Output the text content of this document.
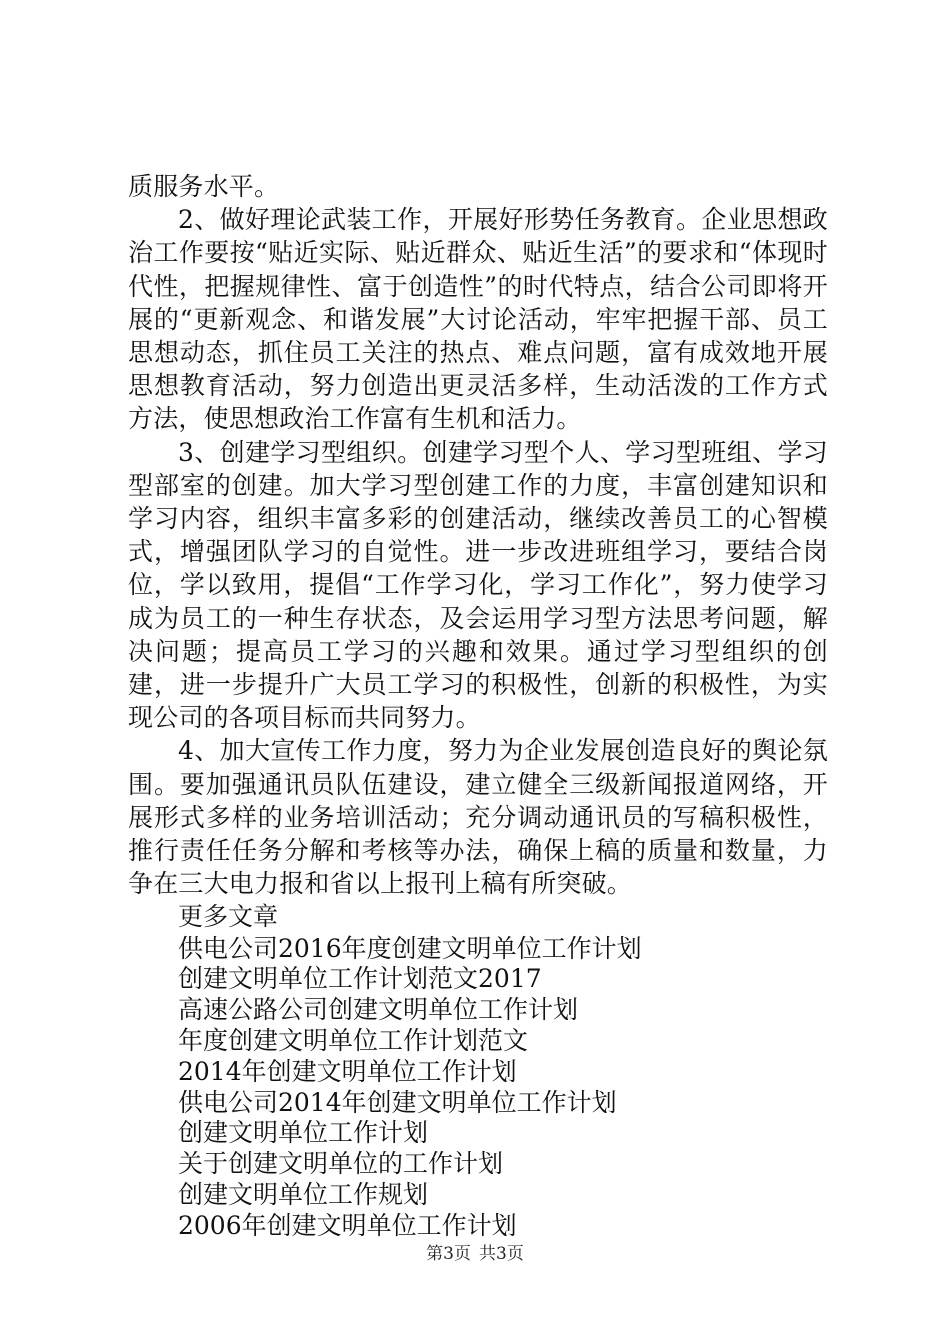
质服务水平。

2、做好理论武装工作，开展好形势任务教育。企业思想政治工作要按“贴近实际、贴近群众、贴近生活”的要求和“体现时代性，把握规律性、富于创造性”的时代特点，结合公司即将开展的“更新观念、和谐发展”大讨论活动，牢牢把握干部、员工思想动态，抓住员工关注的热点、难点问题，富有成效地开展思想教育活动，努力创造出更灵活多样，生动活泼的工作方式方法，使思想政治工作富有生机和活力。

3、创建学习型组织。创建学习型个人、学习型班组、学习型部室的创建。加大学习型创建工作的力度，丰富创建知识和学习内容，组织丰富多彩的创建活动，继续改善员工的心智模式，增强团队学习的自觉性。进一步改进班组学习，要结合岗位，学以致用，提倡“工作学习化，学习工作化”，努力使学习成为员工的一种生存状态，及会运用学习型方法思考问题，解决问题；提高员工学习的兴趣和效果。通过学习型组织的创建，进一步提升广大员工学习的积极性，创新的积极性，为实现公司的各项目标而共同努力。

4、加大宣传工作力度，努力为企业发展创造良好的舆论氛围。要加强通讯员队伍建设，建立健全三级新闻报道网络，开展形式多样的业务培训活动；充分调动通讯员的写稿积极性，推行责任任务分解和考核等办法，确保上稿的质量和数量，力争在三大电力报和省以上报刊上稿有所突破。

更多文章

供电公司2016年度创建文明单位工作计划
创建文明单位工作计划范文2017
高速公路公司创建文明单位工作计划
年度创建文明单位工作计划范文
2014年创建文明单位工作计划
供电公司2014年创建文明单位工作计划
创建文明单位工作计划
关于创建文明单位的工作计划
创建文明单位工作规划
2006年创建文明单位工作计划
第3页 共3页
